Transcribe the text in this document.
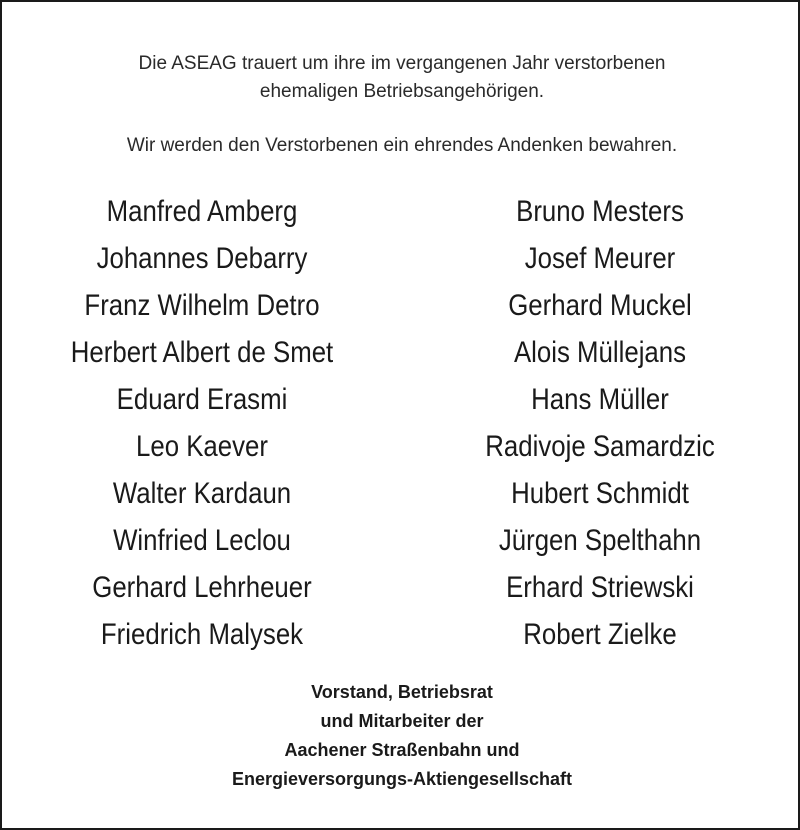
Die ASEAG trauert um ihre im vergangenen Jahr verstorbenen
ehemaligen Betriebsangehörigen.
Wir werden den Verstorbenen ein ehrendes Andenken bewahren.
Manfred Amberg
Johannes Debarry
Franz Wilhelm Detro
Herbert Albert de Smet
Eduard Erasmi
Leo Kaever
Walter Kardaun
Winfried Leclou
Gerhard Lehrheuer
Friedrich Malysek
Bruno Mesters
Josef Meurer
Gerhard Muckel
Alois Müllejans
Hans Müller
Radivoje Samardzic
Hubert Schmidt
Jürgen Spelthahn
Erhard Striewski
Robert Zielke
Vorstand, Betriebsrat
und Mitarbeiter der
Aachener Straßenbahn und
Energieversorgungs-Aktiengesellschaft
